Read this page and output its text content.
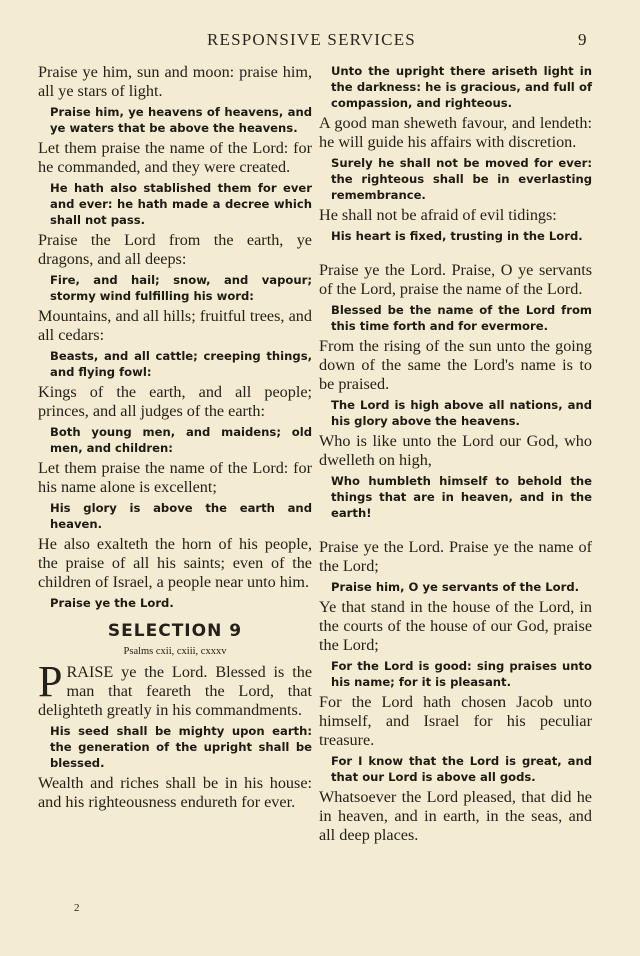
RESPONSIVE SERVICES	9

Praise ye him, sun and moon: praise him, all ye stars of light.

Praise him, ye heavens of heavens, and ye waters that be above the heavens.

Let them praise the name of the Lord: for he commanded, and they were created.

He hath also stablished them for ever and ever: he hath made a decree which shall not pass.

Praise the Lord from the earth, ye dragons, and all deeps:

Fire, and hail; snow, and vapour; stormy wind fulfilling his word:

Mountains, and all hills; fruitful trees, and all cedars:

Beasts, and all cattle; creeping things, and flying fowl:

Kings of the earth, and all people; princes, and all judges of the earth:

Both young men, and maidens; old men, and children:

Let them praise the name of the Lord: for his name alone is excellent;

His glory is above the earth and heaven.

He also exalteth the horn of his people, the praise of all his saints; even of the children of Israel, a people near unto him.

Praise ye the Lord.

SELECTION 9
Psalms cxii, cxiii, cxxxv

PRAISE ye the Lord. Blessed is the man that feareth the Lord, that delighteth greatly in his commandments.

His seed shall be mighty upon earth: the generation of the upright shall be blessed.

Wealth and riches shall be in his house: and his righteousness endureth for ever.

2

Unto the upright there ariseth light in the darkness: he is gracious, and full of compassion, and righteous.

A good man sheweth favour, and lendeth: he will guide his affairs with discretion.

Surely he shall not be moved for ever: the righteous shall be in everlasting remembrance.

He shall not be afraid of evil tidings:

His heart is fixed, trusting in the Lord.

Praise ye the Lord. Praise, O ye servants of the Lord, praise the name of the Lord.

Blessed be the name of the Lord from this time forth and for evermore.

From the rising of the sun unto the going down of the same the Lord's name is to be praised.

The Lord is high above all nations, and his glory above the heavens.

Who is like unto the Lord our God, who dwelleth on high,

Who humbleth himself to behold the things that are in heaven, and in the earth!

Praise ye the Lord. Praise ye the name of the Lord;

Praise him, O ye servants of the Lord.

Ye that stand in the house of the Lord, in the courts of the house of our God, praise the Lord;

For the Lord is good: sing praises unto his name; for it is pleasant.

For the Lord hath chosen Jacob unto himself, and Israel for his peculiar treasure.

For I know that the Lord is great, and that our Lord is above all gods.

Whatsoever the Lord pleased, that did he in heaven, and in earth, in the seas, and all deep places.
